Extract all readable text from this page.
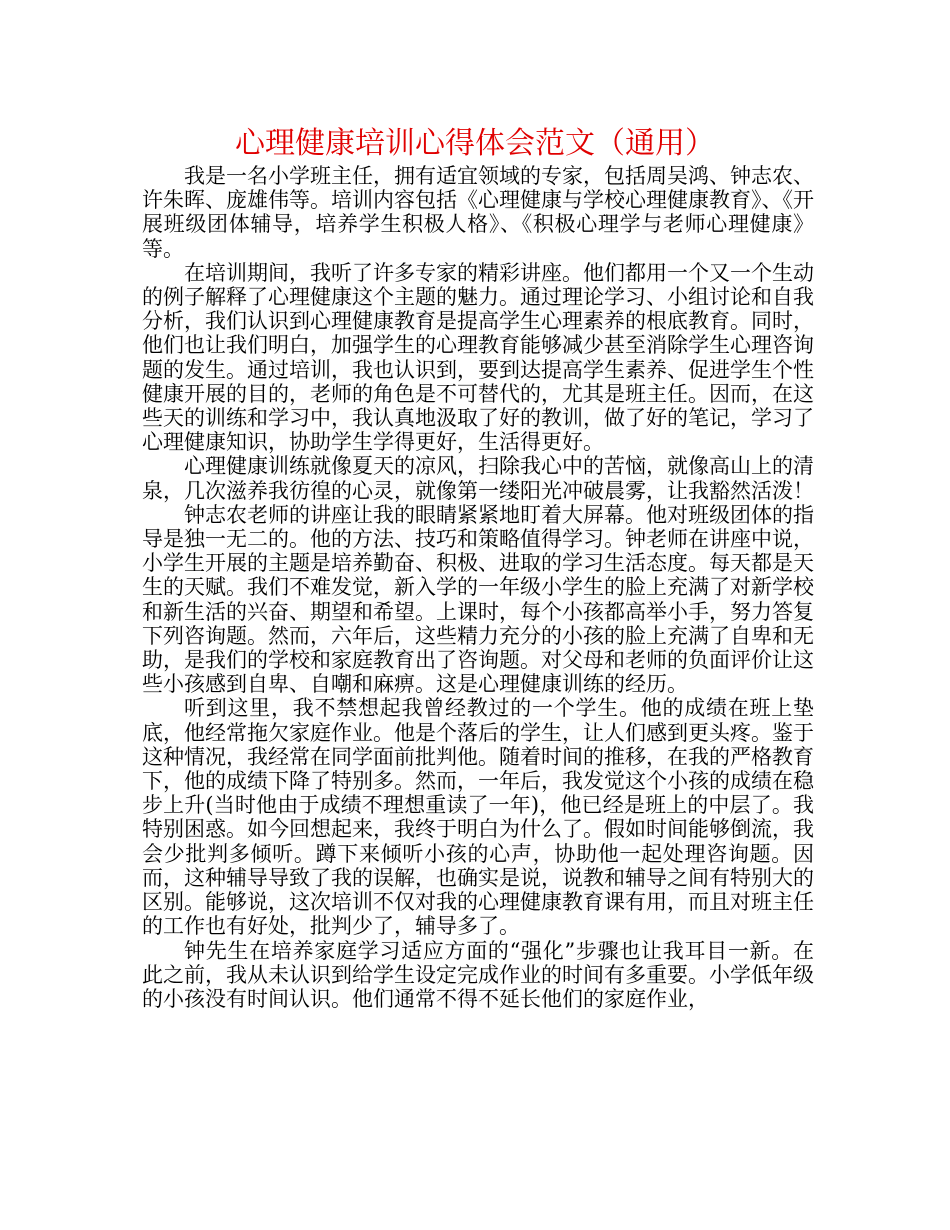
心理健康培训心得体会范文（通用）

我是一名小学班主任，拥有适宜领域的专家，包括周吴鸿、钟志农、许朱晖、庞雄伟等。培训内容包括《心理健康与学校心理健康教育》、《开展班级团体辅导，培养学生积极人格》、《积极心理学与老师心理健康》等。

在培训期间，我听了许多专家的精彩讲座。他们都用一个又一个生动的例子解释了心理健康这个主题的魅力。通过理论学习、小组讨论和自我分析，我们认识到心理健康教育是提高学生心理素养的根底教育。同时，他们也让我们明白，加强学生的心理教育能够减少甚至消除学生心理咨询题的发生。通过培训，我也认识到，要到达提高学生素养、促进学生个性健康开展的目的，老师的角色是不可替代的，尤其是班主任。因而，在这些天的训练和学习中，我认真地汲取了好的教训，做了好的笔记，学习了心理健康知识，协助学生学得更好，生活得更好。

心理健康训练就像夏天的凉风，扫除我心中的苦恼，就像高山上的清泉，几次滋养我彷徨的心灵，就像第一缕阳光冲破晨雾，让我豁然活泼！

钟志农老师的讲座让我的眼睛紧紧地盯着大屏幕。他对班级团体的指导是独一无二的。他的方法、技巧和策略值得学习。钟老师在讲座中说，小学生开展的主题是培养勤奋、积极、进取的学习生活态度。每天都是天生的天赋。我们不难发觉，新入学的一年级小学生的脸上充满了对新学校和新生活的兴奋、期望和希望。上课时，每个小孩都高举小手，努力答复下列咨询题。然而，六年后，这些精力充分的小孩的脸上充满了自卑和无助，是我们的学校和家庭教育出了咨询题。对父母和老师的负面评价让这些小孩感到自卑、自嘲和麻痹。这是心理健康训练的经历。

听到这里，我不禁想起我曾经教过的一个学生。他的成绩在班上垫底，他经常拖欠家庭作业。他是个落后的学生，让人们感到更头疼。鉴于这种情况，我经常在同学面前批判他。随着时间的推移，在我的严格教育下，他的成绩下降了特别多。然而，一年后，我发觉这个小孩的成绩在稳步上升(当时他由于成绩不理想重读了一年)，他已经是班上的中层了。我特别困惑。如今回想起来，我终于明白为什么了。假如时间能够倒流，我会少批判多倾听。蹲下来倾听小孩的心声，协助他一起处理咨询题。因而，这种辅导导致了我的误解，也确实是说，说教和辅导之间有特别大的区别。能够说，这次培训不仅对我的心理健康教育课有用，而且对班主任的工作也有好处，批判少了，辅导多了。

钟先生在培养家庭学习适应方面的“强化”步骤也让我耳目一新。在此之前，我从未认识到给学生设定完成作业的时间有多重要。小学低年级的小孩没有时间认识。他们通常不得不延长他们的家庭作业，
